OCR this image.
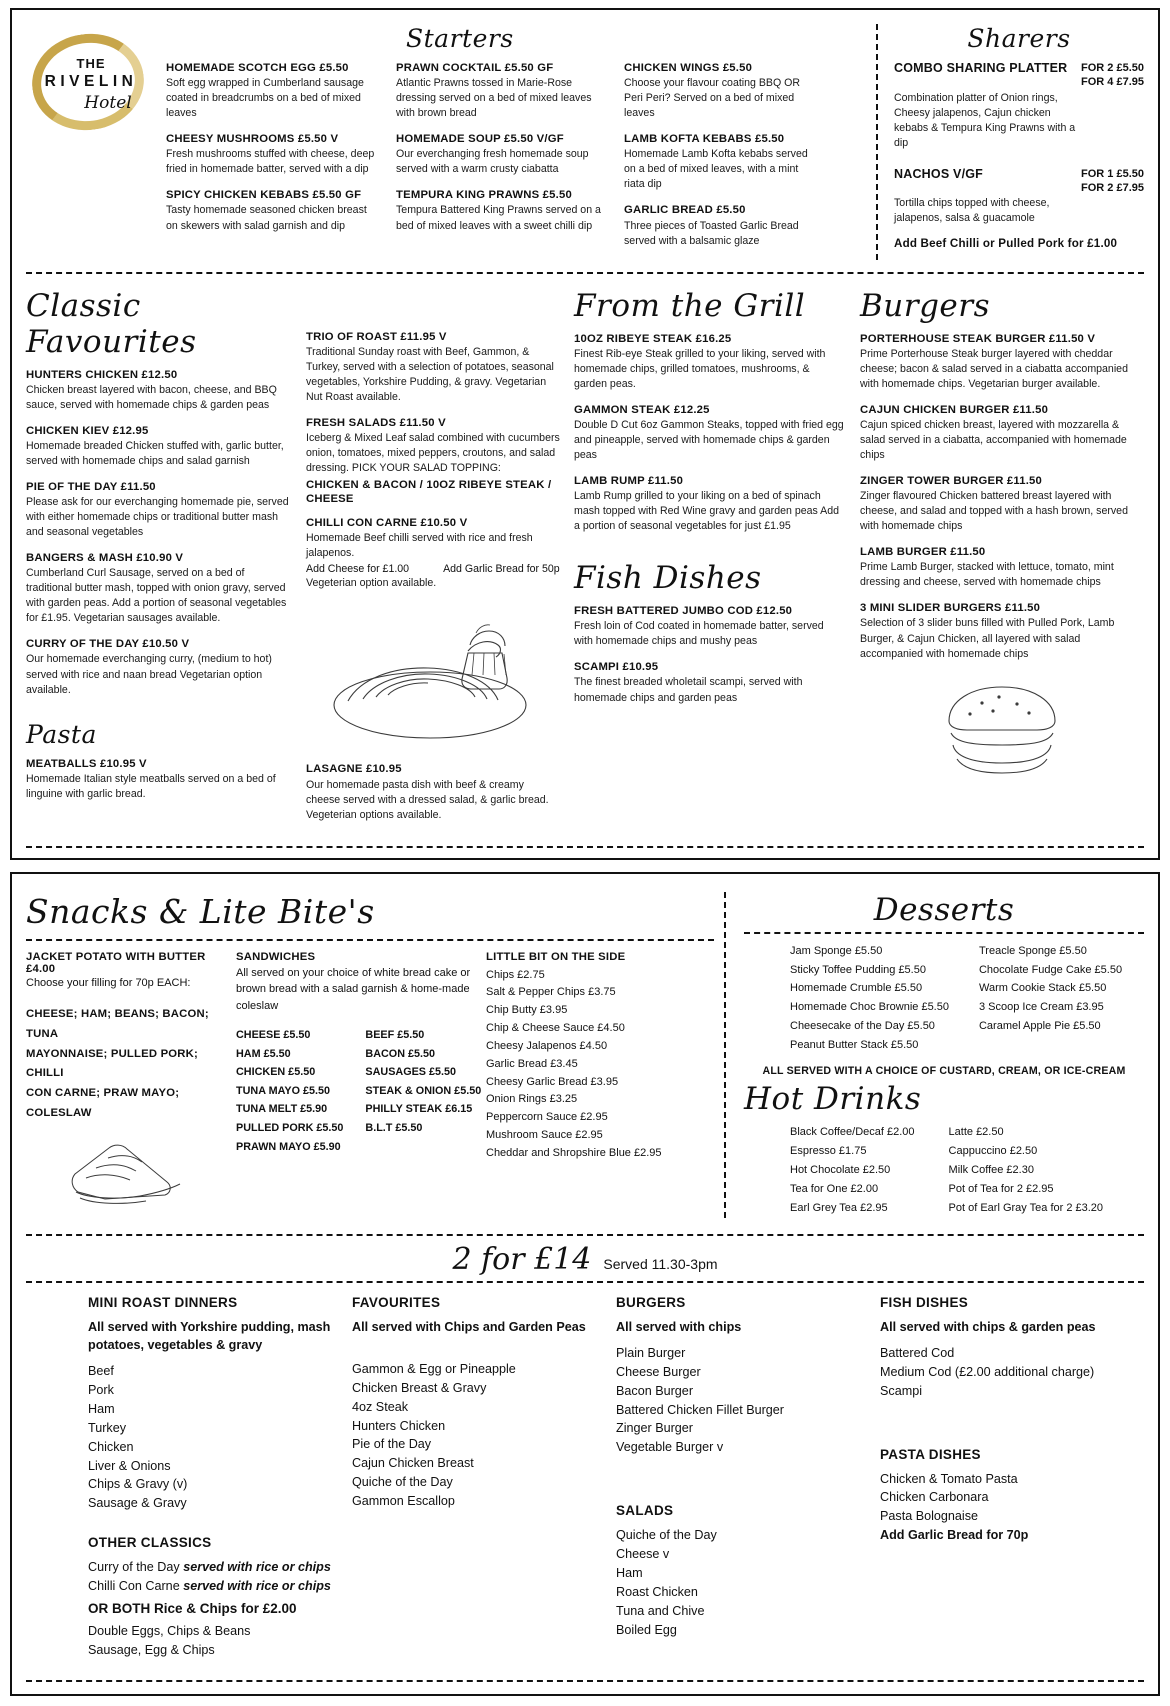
THE
RIVELIN
Hotel
Starters
HOMEMADE SCOTCH EGG £5.50
Soft egg wrapped in Cumberland sausage coated in breadcrumbs on a bed of mixed leaves
CHEESY MUSHROOMS £5.50 V
Fresh mushrooms stuffed with cheese, deep fried in homemade batter, served with a dip
SPICY CHICKEN KEBABS £5.50 GF
Tasty homemade seasoned chicken breast on skewers with salad garnish and dip
PRAWN COCKTAIL £5.50 GF
Atlantic Prawns tossed in Marie-Rose dressing served on a bed of mixed leaves with brown bread
HOMEMADE SOUP £5.50 V/GF
Our everchanging fresh homemade soup served with a warm crusty ciabatta
TEMPURA KING PRAWNS £5.50
Tempura Battered King Prawns served on a bed of mixed leaves with a sweet chilli dip
CHICKEN WINGS £5.50
Choose your flavour coating BBQ OR Peri Peri? Served on a bed of mixed leaves
LAMB KOFTA KEBABS £5.50
Homemade Lamb Kofta kebabs served on a bed of mixed leaves, with a mint riata dip
GARLIC BREAD £5.50
Three pieces of Toasted Garlic Bread served with a balsamic glaze
Sharers
COMBO SHARING PLATTER FOR 2 £5.50
FOR 4 £7.95
Combination platter of Onion rings, Cheesy jalapenos, Cajun chicken kebabs & Tempura King Prawns with a dip
NACHOS V/GF	FOR 1 £5.50
FOR 2 £7.95
Tortilla chips topped with cheese, jalapenos, salsa & guacamole
Add Beef Chilli or Pulled Pork for £1.00
Classic Favourites
HUNTERS CHICKEN £12.50
Chicken breast layered with bacon, cheese, and BBQ sauce, served with homemade chips & garden peas
CHICKEN KIEV £12.95
Homemade breaded Chicken stuffed with, garlic butter, served with homemade chips and salad garnish
PIE OF THE DAY £11.50
Please ask for our everchanging homemade pie, served with either homemade chips or traditional butter mash and seasonal vegetables
BANGERS & MASH £10.90 V
Cumberland Curl Sausage, served on a bed of traditional butter mash, topped with onion gravy, served with garden peas. Add a portion of seasonal vegetables for £1.95. Vegetarian sausages available.
CURRY OF THE DAY £10.50 V
Our homemade everchanging curry, (medium to hot) served with rice and naan bread Vegetarian option available.
Pasta
MEATBALLS £10.95 V
Homemade Italian style meatballs served on a bed of linguine with garlic bread.
TRIO OF ROAST £11.95 V
Traditional Sunday roast with Beef, Gammon, & Turkey, served with a selection of potatoes, seasonal vegetables, Yorkshire Pudding, & gravy. Vegetarian Nut Roast available.
FRESH SALADS £11.50 V
Iceberg & Mixed Leaf salad combined with cucumbers onion, tomatoes, mixed peppers, croutons, and salad dressing. PICK YOUR SALAD TOPPING:
CHICKEN & BACON / 10OZ RIBEYE STEAK / CHEESE
CHILLI CON CARNE £10.50 V
Homemade Beef chilli served with rice and fresh jalapenos.
Add Cheese for £1.00	Add Garlic Bread for 50p
Vegeterian option available.
LASAGNE £10.95
Our homemade pasta dish with beef & creamy cheese served with a dressed salad, & garlic bread. Vegeterian options available.
From the Grill
10OZ RIBEYE STEAK £16.25
Finest Rib-eye Steak grilled to your liking, served with homemade chips, grilled tomatoes, mushrooms, & garden peas.
GAMMON STEAK £12.25
Double D Cut 6oz Gammon Steaks, topped with fried egg and pineapple, served with homemade chips & garden peas
LAMB RUMP £11.50
Lamb Rump grilled to your liking on a bed of spinach mash topped with Red Wine gravy and garden peas Add a portion of seasonal vegetables for just £1.95
Fish Dishes
FRESH BATTERED JUMBO COD £12.50
Fresh loin of Cod coated in homemade batter, served with homemade chips and mushy peas
SCAMPI £10.95
The finest breaded wholetail scampi, served with homemade chips and garden peas
Burgers
PORTERHOUSE STEAK BURGER £11.50 V
Prime Porterhouse Steak burger layered with cheddar cheese; bacon & salad served in a ciabatta accompanied with homemade chips. Vegetarian burger available.
CAJUN CHICKEN BURGER £11.50
Cajun spiced chicken breast, layered with mozzarella & salad served in a ciabatta, accompanied with homemade chips
ZINGER TOWER BURGER £11.50
Zinger flavoured Chicken battered breast layered with cheese, and salad and topped with a hash brown, served with homemade chips
LAMB BURGER £11.50
Prime Lamb Burger, stacked with lettuce, tomato, mint dressing and cheese, served with homemade chips
3 MINI SLIDER BURGERS £11.50
Selection of 3 slider buns filled with Pulled Pork, Lamb Burger, & Cajun Chicken, all layered with salad accompanied with homemade chips
Snacks & Lite Bite's
JACKET POTATO WITH BUTTER £4.00
Choose your filling for 70p EACH:
CHEESE; HAM; BEANS; BACON; TUNA
MAYONNAISE; PULLED PORK; CHILLI
CON CARNE; PRAW MAYO; COLESLAW
SANDWICHES
All served on your choice of white bread cake or brown bread with a salad garnish & home-made coleslaw
CHEESE £5.50
HAM £5.50
CHICKEN £5.50
TUNA MAYO £5.50
TUNA MELT £5.90
PULLED PORK £5.50
PRAWN MAYO £5.90
BEEF £5.50
BACON £5.50
SAUSAGES £5.50
STEAK & ONION £5.50
PHILLY STEAK £6.15
B.L.T £5.50
LITTLE BIT ON THE SIDE
Chips £2.75
Salt & Pepper Chips £3.75
Chip Butty £3.95
Chip & Cheese Sauce £4.50
Cheesy Jalapenos £4.50
Garlic Bread £3.45
Cheesy Garlic Bread £3.95
Onion Rings £3.25
Peppercorn Sauce £2.95
Mushroom Sauce £2.95
Cheddar and Shropshire Blue £2.95
Desserts
Jam Sponge £5.50
Sticky Toffee Pudding £5.50
Homemade Crumble £5.50
Homemade Choc Brownie £5.50
Cheesecake of the Day £5.50
Peanut Butter Stack £5.50
Treacle Sponge £5.50
Chocolate Fudge Cake £5.50
Warm Cookie Stack £5.50
3 Scoop Ice Cream £3.95
Caramel Apple Pie £5.50
ALL SERVED WITH A CHOICE OF CUSTARD, CREAM, OR ICE-CREAM
Hot Drinks
Black Coffee/Decaf £2.00
Espresso £1.75
Hot Chocolate £2.50
Tea for One £2.00
Earl Grey Tea £2.95
Latte £2.50
Cappuccino £2.50
Milk Coffee £2.30
Pot of Tea for 2 £2.95
Pot of Earl Gray Tea for 2 £3.20
2 for £14 Served 11.30-3pm
MINI ROAST DINNERS
All served with Yorkshire pudding, mash potatoes, vegetables & gravy
Beef
Pork
Ham
Turkey
Chicken
Liver & Onions
Chips & Gravy (v)
Sausage & Gravy
OTHER CLASSICS
Curry of the Day served with rice or chips
Chilli Con Carne served with rice or chips
OR BOTH Rice & Chips for £2.00
Double Eggs, Chips & Beans
Sausage, Egg & Chips
FAVOURITES
All served with Chips and Garden Peas
Gammon & Egg or Pineapple
Chicken Breast & Gravy
4oz Steak
Hunters Chicken
Pie of the Day
Cajun Chicken Breast
Quiche of the Day
Gammon Escallop
BURGERS
All served with chips
Plain Burger
Cheese Burger
Bacon Burger
Battered Chicken Fillet Burger
Zinger Burger
Vegetable Burger v
SALADS
Quiche of the Day
Cheese v
Ham
Roast Chicken
Tuna and Chive
Boiled Egg
FISH DISHES
All served with chips & garden peas
Battered Cod
Medium Cod (£2.00 additional charge)
Scampi
PASTA DISHES
Chicken & Tomato Pasta
Chicken Carbonara
Pasta Bolognaise
Add Garlic Bread for 70p
